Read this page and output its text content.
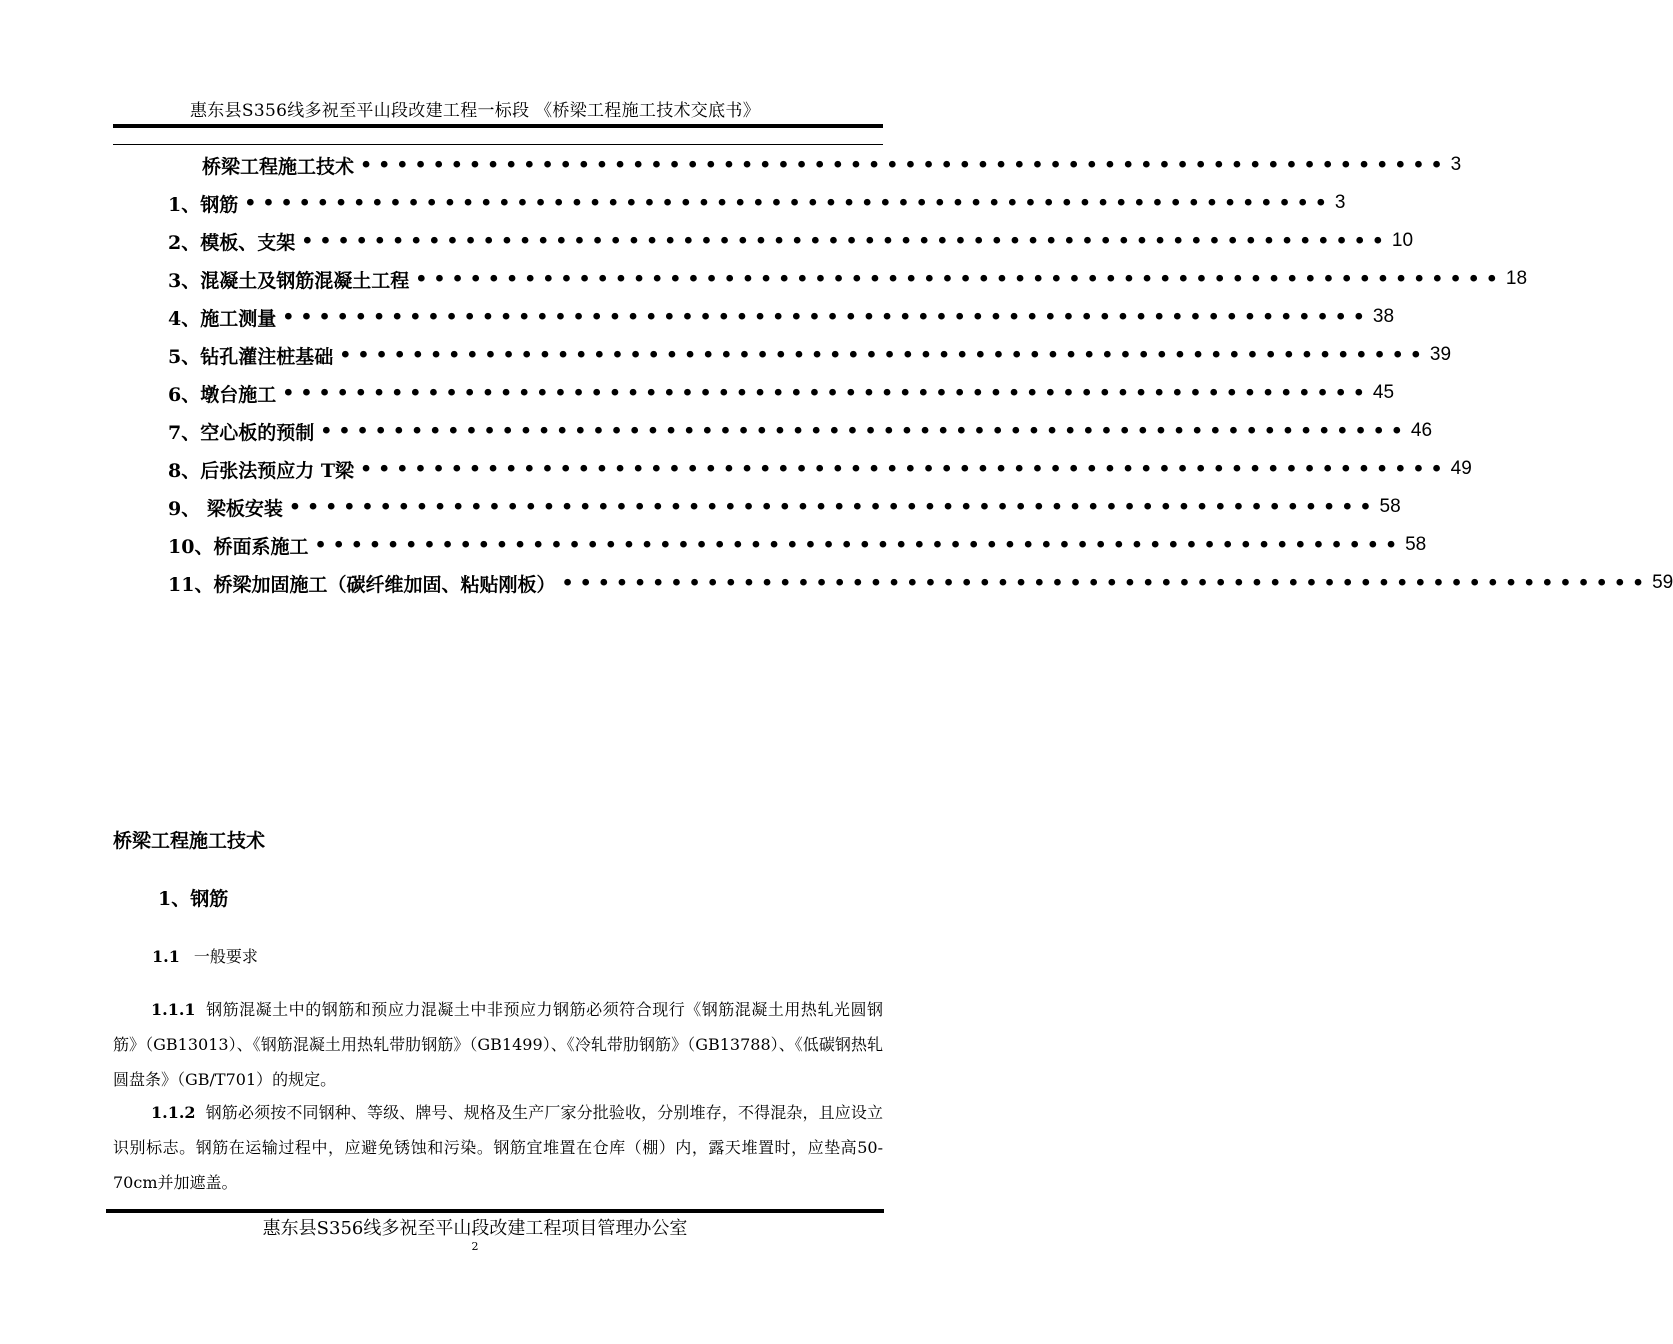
惠东县S356线多祝至平山段改建工程一标段 《桥梁工程施工技术交底书》
桥梁工程施工技术 •••••••••••••••••••••••••••••••••••••••••••••••••••••••••••• 3
1、钢筋 •••••••••••••••••••••••••••••••••••••••••••••••••••••••••••• 3
2、模板、支架 •••••••••••••••••••••••••••••••••••••••••••••••••••••••••••• 10
3、混凝土及钢筋混凝土工程 •••••••••••••••••••••••••••••••••••••••••••••••••••••••••••• 18
4、施工测量 •••••••••••••••••••••••••••••••••••••••••••••••••••••••••••• 38
5、钻孔灌注桩基础 •••••••••••••••••••••••••••••••••••••••••••••••••••••••••••• 39
6、墩台施工 •••••••••••••••••••••••••••••••••••••••••••••••••••••••••••• 45
7、空心板的预制 •••••••••••••••••••••••••••••••••••••••••••••••••••••••••••• 46
8、后张法预应力 T梁 •••••••••••••••••••••••••••••••••••••••••••••••••••••••••••• 49
9、 梁板安装 •••••••••••••••••••••••••••••••••••••••••••••••••••••••••••• 58
10、桥面系施工 •••••••••••••••••••••••••••••••••••••••••••••••••••••••••••• 58
11、桥梁加固施工（碳纤维加固、粘贴刚板） •••••••••••••••••••••••••••••••••••••••••••••••••••••••••••• 59
桥梁工程施工技术
1、钢筋
1.1 一般要求
1.1.1 钢筋混凝土中的钢筋和预应力混凝土中非预应力钢筋必须符合现行《钢筋混凝土用热轧光圆钢筋》（GB13013）、《钢筋混凝土用热轧带肋钢筋》（GB1499）、《冷轧带肋钢筋》（GB13788）、《低碳钢热轧圆盘条》（GB/T701）的规定。
1.1.2 钢筋必须按不同钢种、等级、牌号、规格及生产厂家分批验收，分别堆存，不得混杂，且应设立识别标志。钢筋在运输过程中，应避免锈蚀和污染。钢筋宜堆置在仓库（棚）内，露天堆置时，应垫高50-70cm并加遮盖。
惠东县S356线多祝至平山段改建工程项目管理办公室
2
